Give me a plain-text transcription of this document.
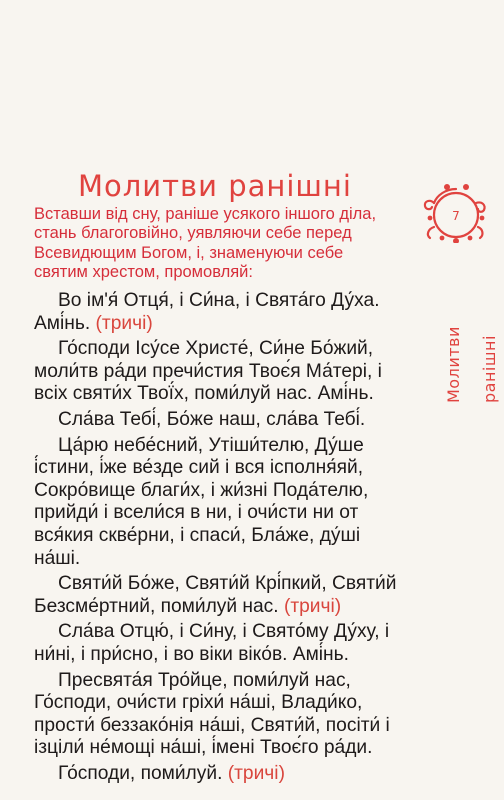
Молитви ранішні
7
Молитви ранішні
Вставши від сну, раніше усякого іншого діла, стань благоговійно, уявляючи себе перед Всевидющим Богом, і, знаменуючи себе святим хрестом, промовляй:

Во ім'я́ Отця́, і Си́на, і Свята́го Ду́ха. Амі́нь. (тричі)

Го́споди Ісу́се Христе́, Си́не Бо́жий, моли́тв ра́ди пречи́стия Твоє́я Ма́тері, і всіх святи́х Твої́х, поми́луй нас. Амі́нь.

Сла́ва Тебі́, Бо́же наш, сла́ва Тебі́.

Ца́рю небе́сний, Утіши́телю, Ду́ше і́стини, і́же ве́зде сий і вся ісполня́яй, Сокро́вище благи́х, і жи́зні Пода́телю, прийди́ і всели́ся в ни, і очи́сти ни от вся́кия скве́рни, і спаси́, Бла́же, ду́ші на́ші.

Святи́й Бо́же, Святи́й Крі́пкий, Святи́й Безсме́ртний, поми́луй нас. (тричі)

Сла́ва Отцю́, і Си́ну, і Свято́му Ду́ху, і ни́ні, і при́сно, і во віки віко́в. Амі́нь.

Пресвята́я Тро́йце, поми́луй нас, Го́споди, очи́сти гріхи́ на́ші, Влади́ко, прости́ беззако́нія на́ші, Святи́й, посіти́ і ізціли́ не́мощі на́ші, і́мені Твоє́го ра́ди.

Го́споди, поми́луй. (тричі)
